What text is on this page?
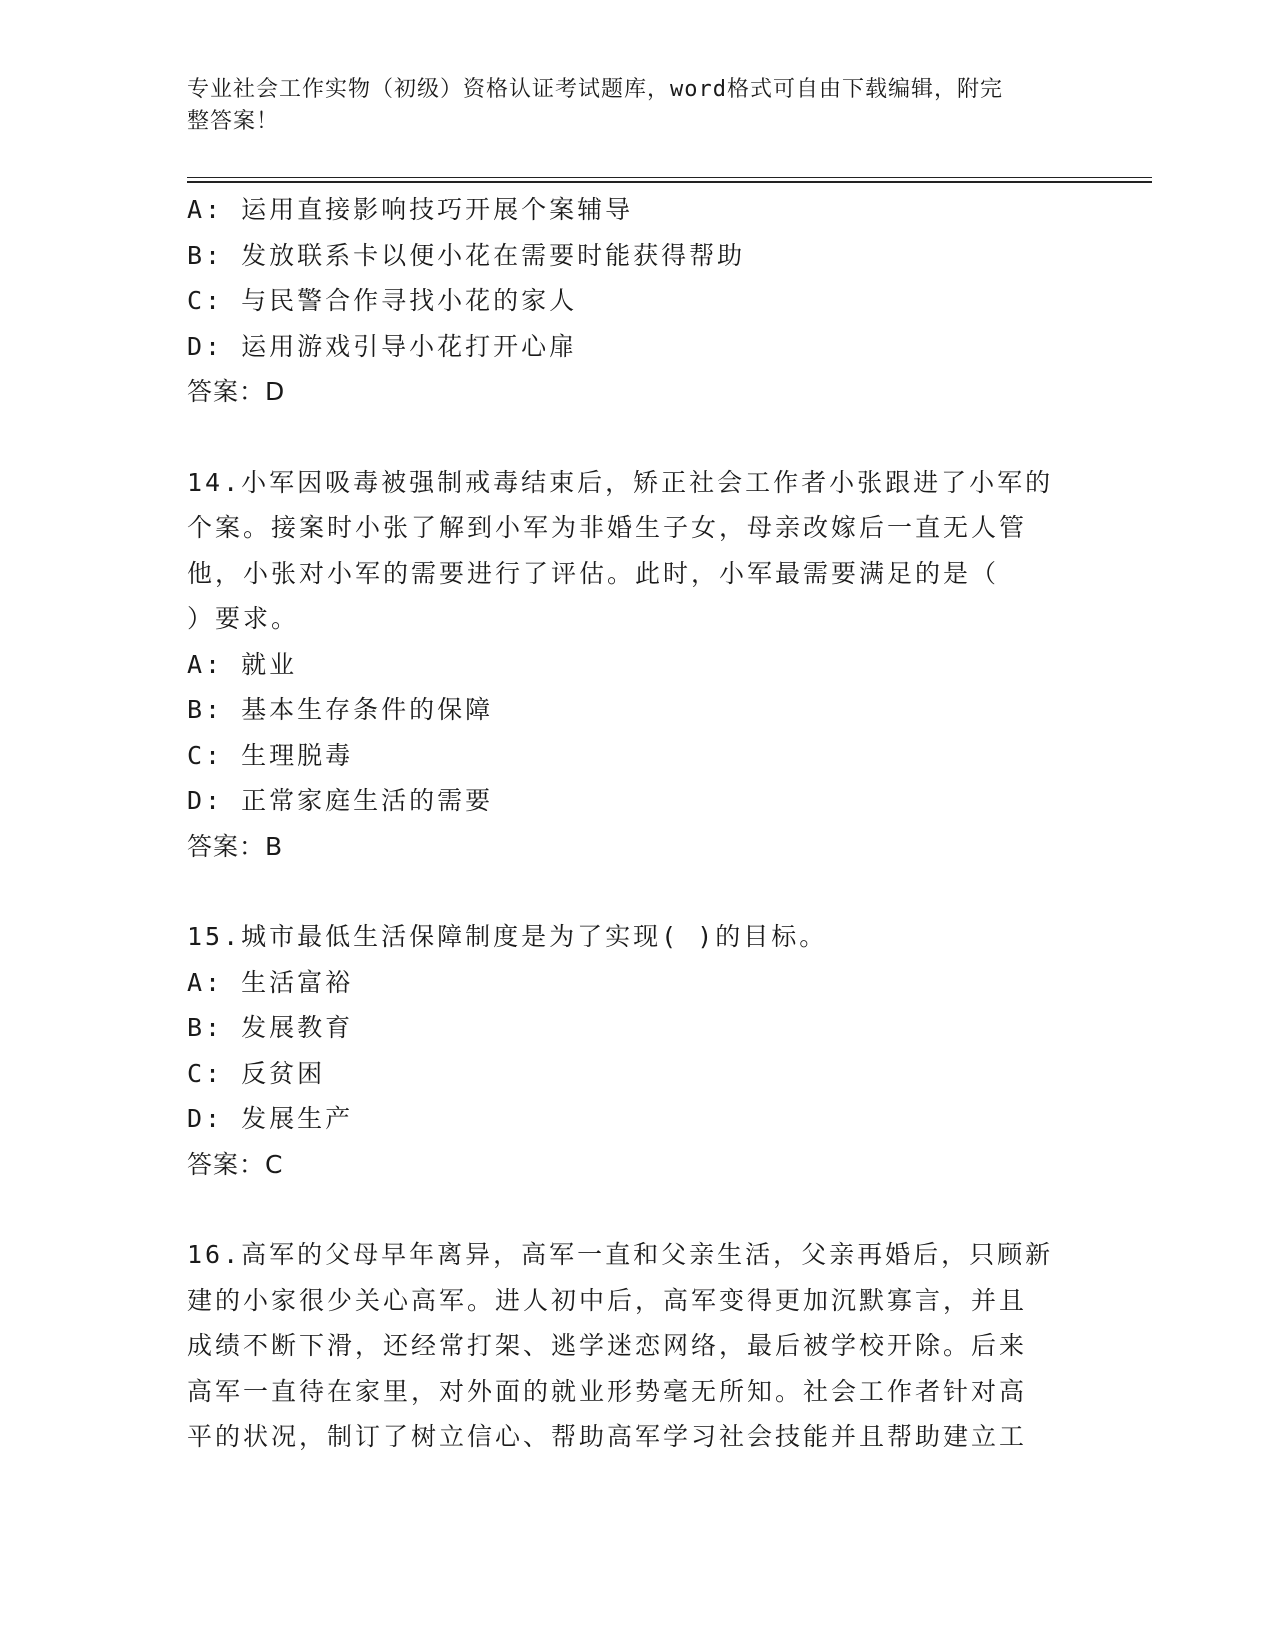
专业社会工作实物（初级）资格认证考试题库，word格式可自由下载编辑，附完
整答案！
A: 运用直接影响技巧开展个案辅导
B: 发放联系卡以便小花在需要时能获得帮助
C: 与民警合作寻找小花的家人
D: 运用游戏引导小花打开心扉
答案：D
14.小军因吸毒被强制戒毒结束后，矫正社会工作者小张跟进了小军的
个案。接案时小张了解到小军为非婚生子女，母亲改嫁后一直无人管
他，小张对小军的需要进行了评估。此时，小军最需要满足的是（
）要求。
A: 就业
B: 基本生存条件的保障
C: 生理脱毒
D: 正常家庭生活的需要
答案：B
15.城市最低生活保障制度是为了实现( )的目标。
A: 生活富裕
B: 发展教育
C: 反贫困
D: 发展生产
答案：C
16.高军的父母早年离异，高军一直和父亲生活，父亲再婚后，只顾新
建的小家很少关心高军。进人初中后，高军变得更加沉默寡言，并且
成绩不断下滑，还经常打架、逃学迷恋网络，最后被学校开除。后来
高军一直待在家里，对外面的就业形势毫无所知。社会工作者针对高
平的状况，制订了树立信心、帮助高军学习社会技能并且帮助建立工
